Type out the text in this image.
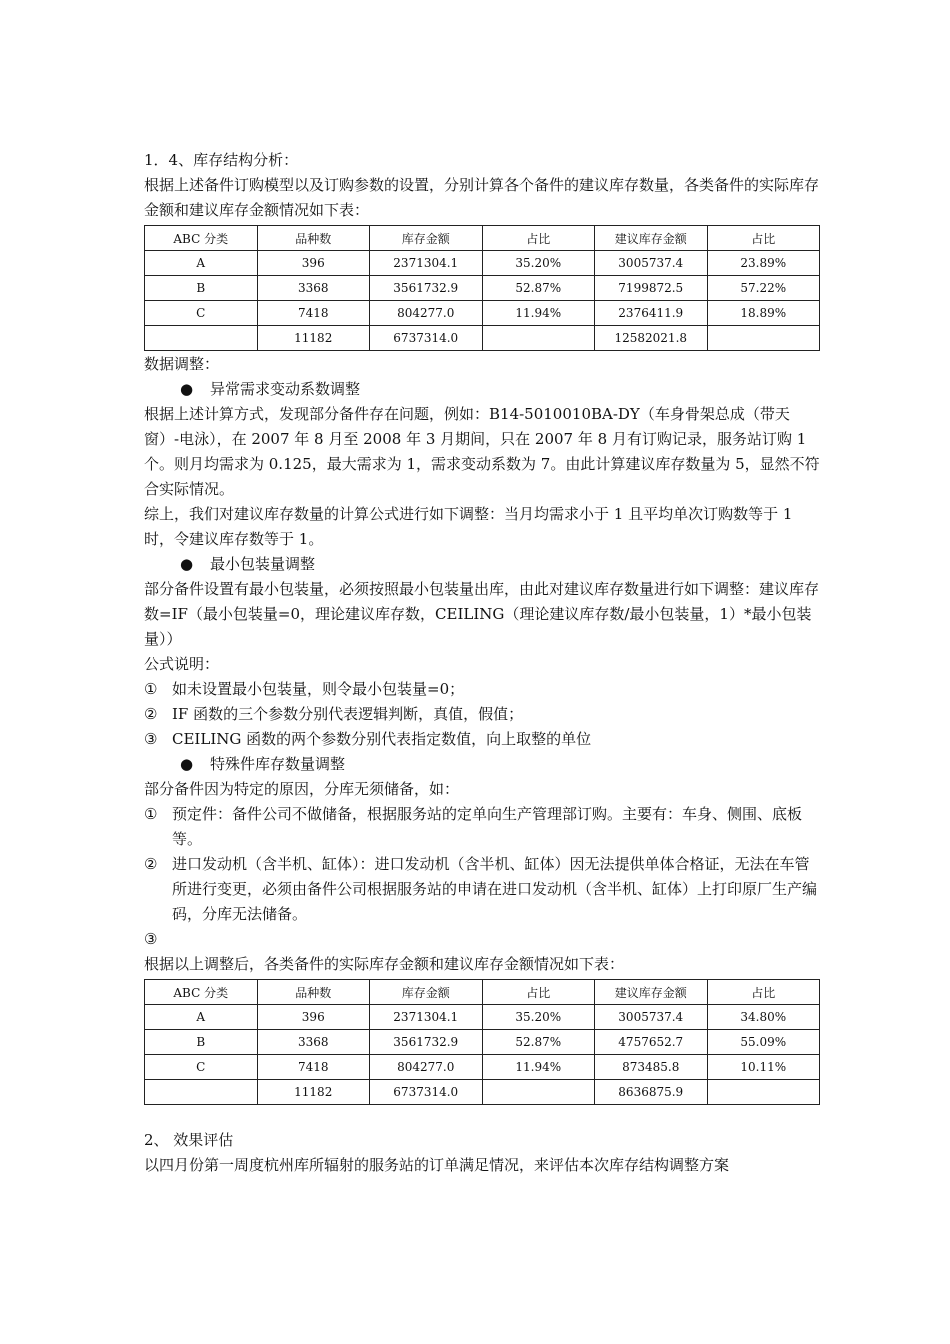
1．4、库存结构分析：

根据上述备件订购模型以及订购参数的设置，分别计算各个备件的建议库存数量，各类备件的实际库存金额和建议库存金额情况如下表：

ABC 分类	品种数	库存金额	占比	建议库存金额	占比
A	396	2371304.1	35.20%	3005737.4	23.89%
B	3368	3561732.9	52.87%	7199872.5	57.22%
C	7418	804277.0	11.94%	2376411.9	18.89%
	11182	6737314.0		12582021.8	

数据调整：

● 异常需求变动系数调整

根据上述计算方式，发现部分备件存在问题，例如：B14-5010010BA-DY（车身骨架总成（带天窗）-电泳），在 2007 年 8 月至 2008 年 3 月期间，只在 2007 年 8 月有订购记录，服务站订购 1 个。则月均需求为 0.125，最大需求为 1，需求变动系数为 7。由此计算建议库存数量为 5，显然不符合实际情况。

综上，我们对建议库存数量的计算公式进行如下调整：当月均需求小于 1 且平均单次订购数等于 1 时，令建议库存数等于 1。

● 最小包装量调整

部分备件设置有最小包装量，必须按照最小包装量出库，由此对建议库存数量进行如下调整：建议库存数=IF（最小包装量=0，理论建议库存数，CEILING（理论建议库存数/最小包装量，1）*最小包装量））

公式说明：

① 如未设置最小包装量，则令最小包装量=0；
② IF 函数的三个参数分别代表逻辑判断，真值，假值；
③ CEILING 函数的两个参数分别代表指定数值，向上取整的单位
● 特殊件库存数量调整

部分备件因为特定的原因，分库无须储备，如：

① 预定件：备件公司不做储备，根据服务站的定单向生产管理部订购。主要有：车身、侧围、底板等。
② 进口发动机（含半机、缸体）：进口发动机（含半机、缸体）因无法提供单体合格证，无法在车管所进行变更，必须由备件公司根据服务站的申请在进口发动机（含半机、缸体）上打印原厂生产编码，分库无法储备。
③

根据以上调整后，各类备件的实际库存金额和建议库存金额情况如下表：

ABC 分类	品种数	库存金额	占比	建议库存金额	占比
A	396	2371304.1	35.20%	3005737.4	34.80%
B	3368	3561732.9	52.87%	4757652.7	55.09%
C	7418	804277.0	11.94%	873485.8	10.11%
	11182	6737314.0		8636875.9	

2、 效果评估

以四月份第一周度杭州库所辐射的服务站的订单满足情况，来评估本次库存结构调整方案
